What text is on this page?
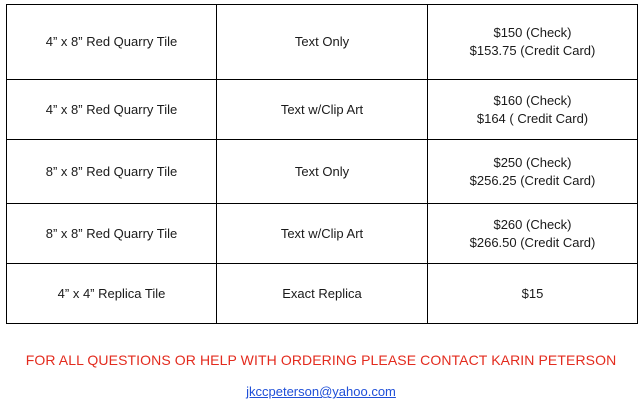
4” x 8” Red Quarry Tile	Text Only	$150 (Check)
$153.75 (Credit Card)

4” x 8” Red Quarry Tile	Text w/Clip Art	$160 (Check)
$164 ( Credit Card)

8” x 8” Red Quarry Tile	Text Only	$250 (Check)
$256.25 (Credit Card)

8” x 8” Red Quarry Tile	Text w/Clip Art	$260 (Check)
$266.50 (Credit Card)

4” x 4” Replica Tile	Exact Replica	$15
FOR ALL QUESTIONS OR HELP WITH ORDERING PLEASE CONTACT KARIN PETERSON
jkccpeterson@yahoo.com
